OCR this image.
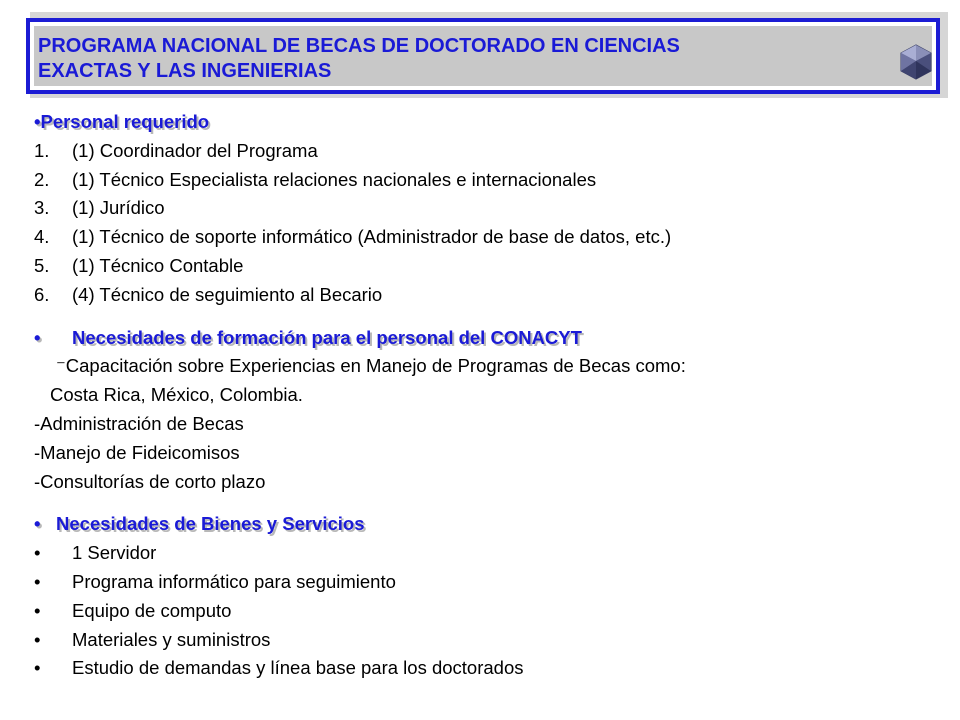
PROGRAMA NACIONAL DE BECAS DE DOCTORADO EN CIENCIAS
EXACTAS Y LAS INGENIERIAS
•Personal requerido
1. (1) Coordinador del Programa
2. (1) Técnico Especialista relaciones nacionales e internacionales
3. (1) Jurídico
4. (1) Técnico de soporte informático (Administrador de base de datos, etc.)
5. (1) Técnico Contable
6. (4) Técnico de seguimiento al Becario
• Necesidades de formación para el personal del CONACYT
⁻Capacitación sobre Experiencias en Manejo de Programas de Becas como:
Costa Rica, México, Colombia.
-Administración de Becas
-Manejo de Fideicomisos
-Consultorías de corto plazo
• Necesidades de Bienes y Servicios
• 1 Servidor
• Programa informático para seguimiento
• Equipo de computo
• Materiales y suministros
• Estudio de demandas y línea base para los doctorados
